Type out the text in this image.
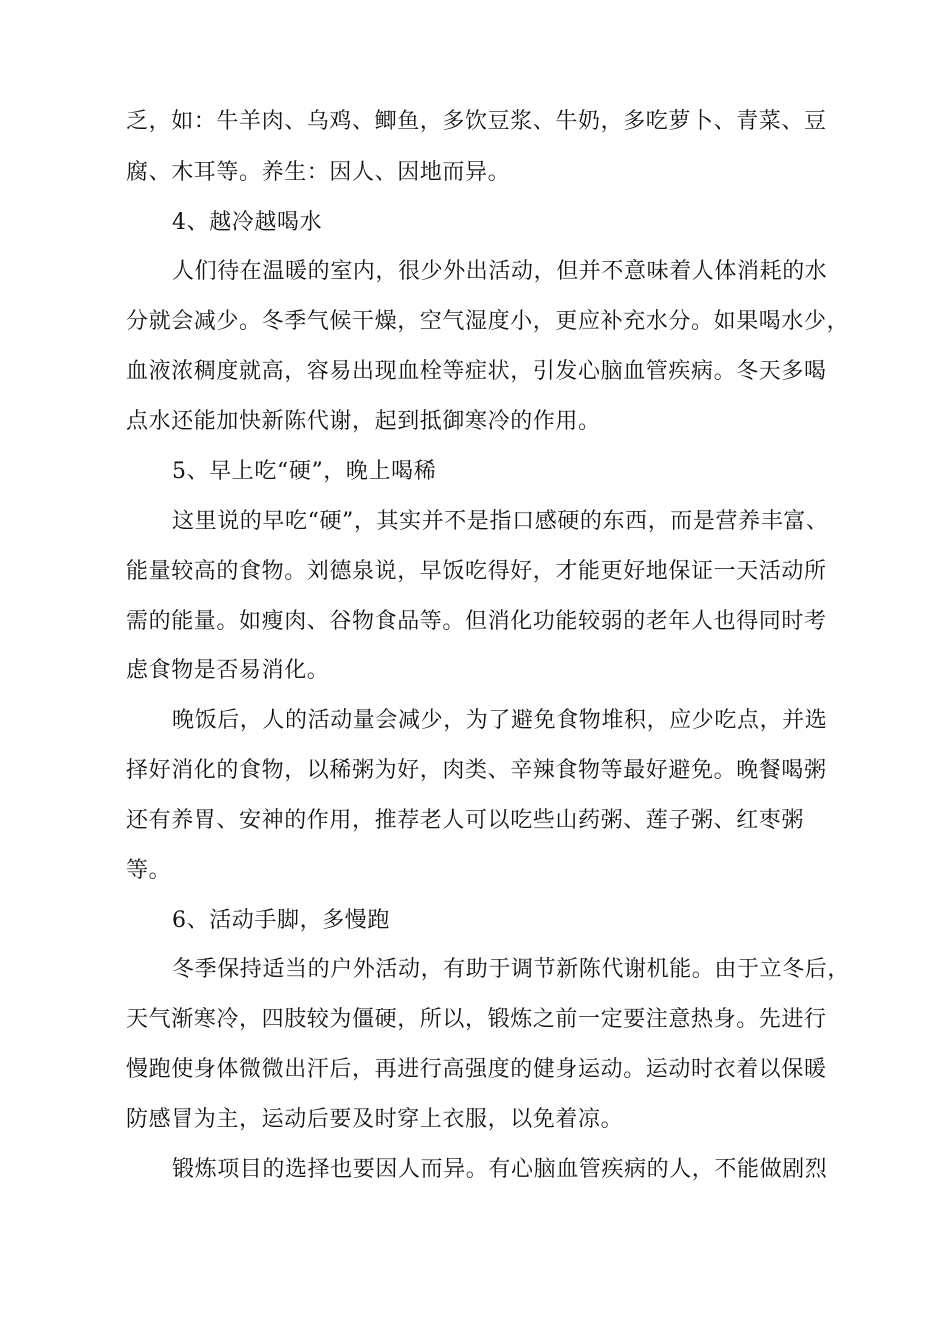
乏，如：牛羊肉、乌鸡、鲫鱼，多饮豆浆、牛奶，多吃萝卜、青菜、豆

腐、木耳等。养生：因人、因地而异。

4、越冷越喝水

人们待在温暖的室内，很少外出活动，但并不意味着人体消耗的水

分就会减少。冬季气候干燥，空气湿度小，更应补充水分。如果喝水少，

血液浓稠度就高，容易出现血栓等症状，引发心脑血管疾病。冬天多喝

点水还能加快新陈代谢，起到抵御寒冷的作用。

5、早上吃“硬”，晚上喝稀

这里说的早吃“硬”，其实并不是指口感硬的东西，而是营养丰富、

能量较高的食物。刘德泉说，早饭吃得好，才能更好地保证一天活动所

需的能量。如瘦肉、谷物食品等。但消化功能较弱的老年人也得同时考

虑食物是否易消化。

晚饭后，人的活动量会减少，为了避免食物堆积，应少吃点，并选

择好消化的食物，以稀粥为好，肉类、辛辣食物等最好避免。晚餐喝粥

还有养胃、安神的作用，推荐老人可以吃些山药粥、莲子粥、红枣粥

等。

6、活动手脚，多慢跑

冬季保持适当的户外活动，有助于调节新陈代谢机能。由于立冬后，

天气渐寒冷，四肢较为僵硬，所以，锻炼之前一定要注意热身。先进行

慢跑使身体微微出汗后，再进行高强度的健身运动。运动时衣着以保暖

防感冒为主，运动后要及时穿上衣服，以免着凉。

锻炼项目的选择也要因人而异。有心脑血管疾病的人，不能做剧烈
